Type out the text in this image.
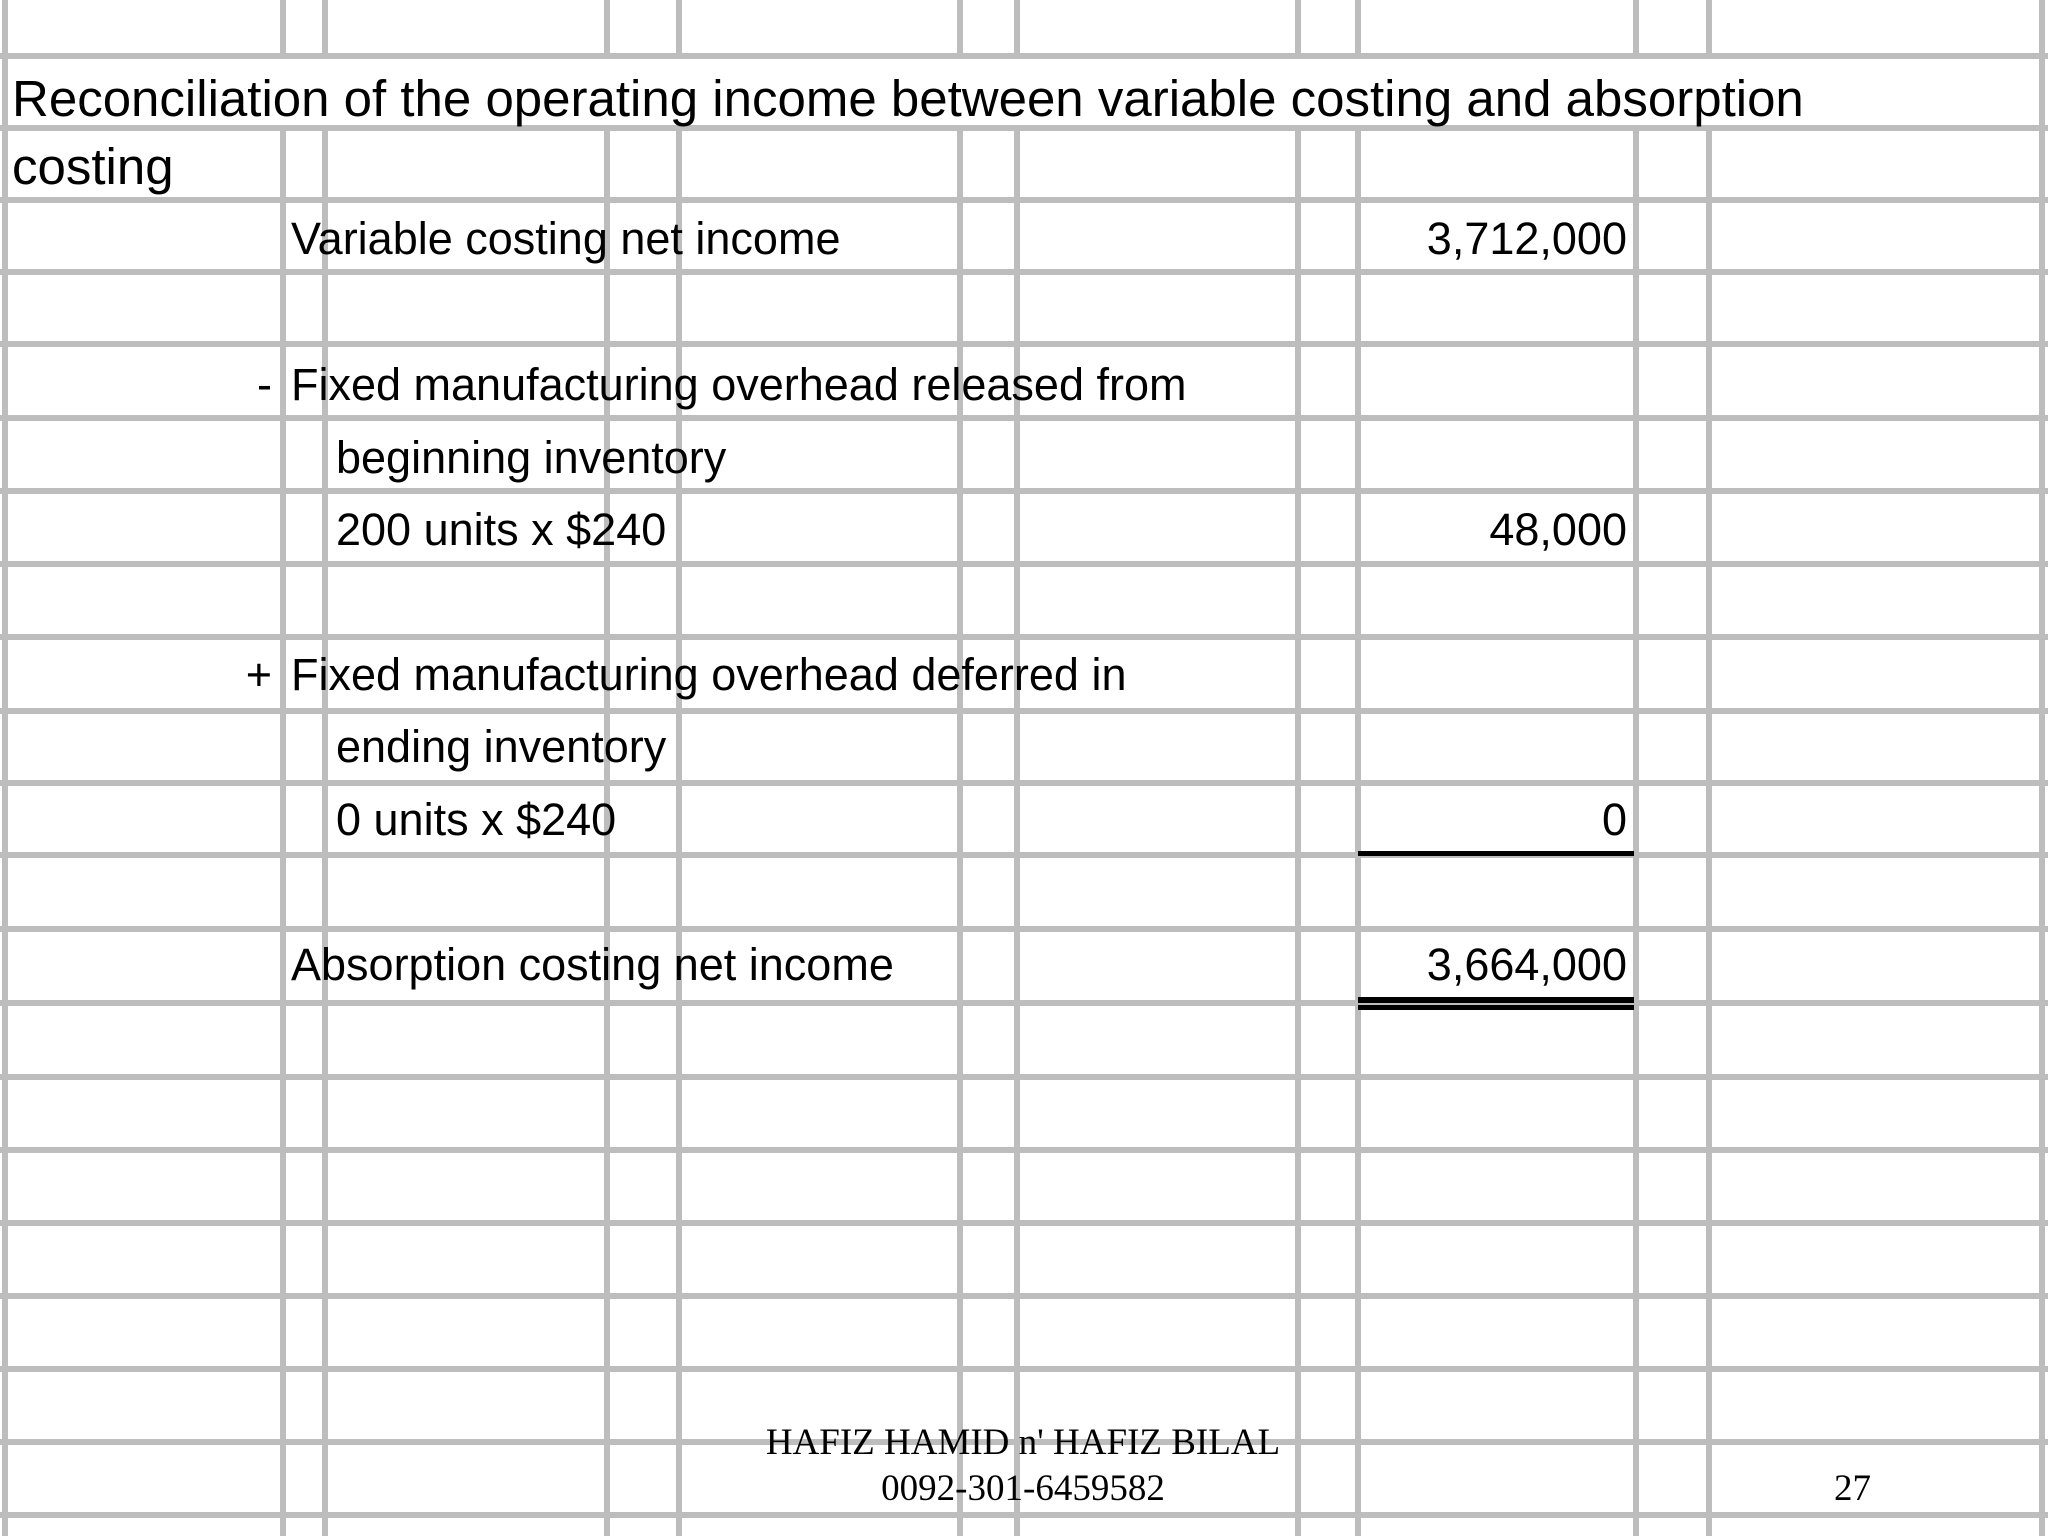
Reconciliation of the operating income between variable costing and absorption
costing
Variable costing net income	3,712,000
- Fixed manufacturing overhead released from
beginning inventory
200 units x $240	48,000
+ Fixed manufacturing overhead deferred in
ending inventory
0 units x $240	0
Absorption costing net income	3,664,000
HAFIZ HAMID n' HAFIZ BILAL
0092-301-6459582	27
